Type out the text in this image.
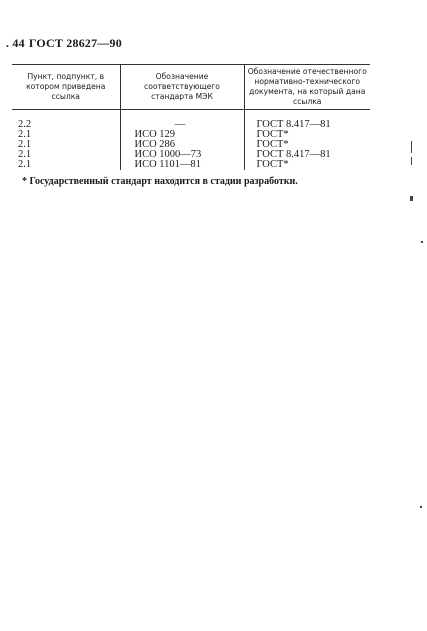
. 44 ГОСТ 28627—90
Пункт, подпункт, в котором приведена ссылка	Обозначение соответствующего стандарта МЭК	Обозначение отечественного нормативно-технического документа, на который дана ссылка

2.2	—	ГОСТ 8.417—81
2.1	ИСО 129	ГОСТ*
2.1	ИСО 286	ГОСТ*
2.1	ИСО 1000—73	ГОСТ 8.417—81
2.1	ИСО 1101—81	ГОСТ*
* Государственный стандарт находится в стадии разработки.
